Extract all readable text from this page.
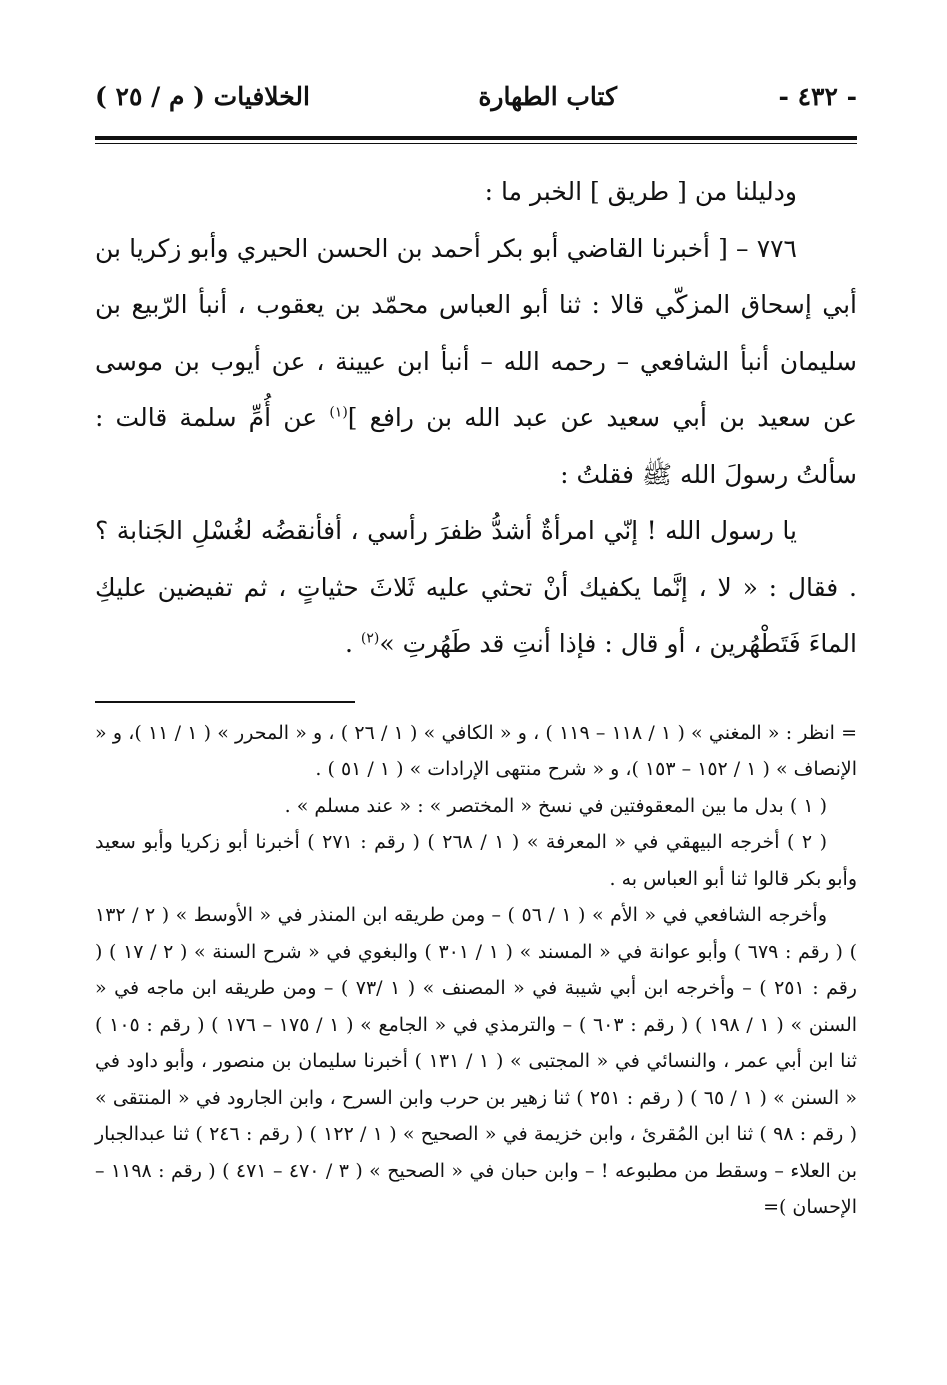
- ٤٣٢ -
كتاب الطهارة
الخلافيات ( م / ٢٥ )

ودليلنا من [ طريق ] الخبر ما :

٧٧٦ – [ أخبرنا القاضي أبو بكر أحمد بن الحسن الحيري وأبو زكريا بن أبي إسحاق المزكّي قالا : ثنا أبو العباس محمّد بن يعقوب ، أنبأ الرّبيع بن سليمان أنبأ الشافعي – رحمه الله – أنبأ ابن عيينة ، عن أيوب بن موسى عن سعيد بن أبي سعيد عن عبد الله بن رافع ]$^{(١)}$ عن أُمِّ سلمة قالت : سألتُ رسولَ الله ﷺ فقلتُ :

يا رسول الله ! إنّي امرأةٌ أشدُّ ظفرَ رأسي ، أفأنقضُه لغُسْلِ الجَنابة ؟ . فقال : « لا ، إنَّما يكفيك أنْ تحثي عليه ثَلاثَ حثياتٍ ، ثم تفيضين عليكِ الماءَ فَتَطْهُرين ، أو قال : فإذا أنتِ قد طَهُرتِ »$^{(٢)}$ .

= انظر : « المغني » ( ١ / ١١٨ – ١١٩ ) ، و « الكافي » ( ١ / ٢٦ ) ، و « المحرر » ( ١ / ١١ )، و « الإنصاف » ( ١ / ١٥٢ – ١٥٣ )، و « شرح منتهى الإرادات » ( ١ / ٥١ ) .

( ١ ) بدل ما بين المعقوفتين في نسخ « المختصر » : « عند مسلم » .

( ٢ ) أخرجه البيهقي في « المعرفة » ( ١ / ٢٦٨ ) ( رقم : ٢٧١ ) أخبرنا أبو زكريا وأبو سعيد وأبو بكر قالوا ثنا أبو العباس به .

وأخرجه الشافعي في « الأم » ( ١ / ٥٦ ) – ومن طريقه ابن المنذر في « الأوسط » ( ٢ / ١٣٢ ) ( رقم : ٦٧٩ ) وأبو عوانة في « المسند » ( ١ / ٣٠١ ) والبغوي في « شرح السنة » ( ٢ / ١٧ ) ( رقم : ٢٥١ ) – وأخرجه ابن أبي شيبة في « المصنف » ( ١ /٧٣ ) – ومن طريقه ابن ماجه في « السنن » ( ١ / ١٩٨ ) ( رقم : ٦٠٣ ) – والترمذي في « الجامع » ( ١ / ١٧٥ – ١٧٦ ) ( رقم : ١٠٥ ) ثنا ابن أبي عمر ، والنسائي في « المجتبى » ( ١ / ١٣١ ) أخبرنا سليمان بن منصور ، وأبو داود في « السنن » ( ١ / ٦٥ ) ( رقم : ٢٥١ ) ثنا زهير بن حرب وابن السرح ، وابن الجارود في « المنتقى » ( رقم : ٩٨ ) ثنا ابن المُقرئ ، وابن خزيمة في « الصحيح » ( ١ / ١٢٢ ) ( رقم : ٢٤٦ ) ثنا عبدالجبار بن العلاء – وسقط من مطبوعه ! – وابن حبان في « الصحيح » ( ٣ / ٤٧٠ – ٤٧١ ) ( رقم : ١١٩٨ – الإحسان )=
